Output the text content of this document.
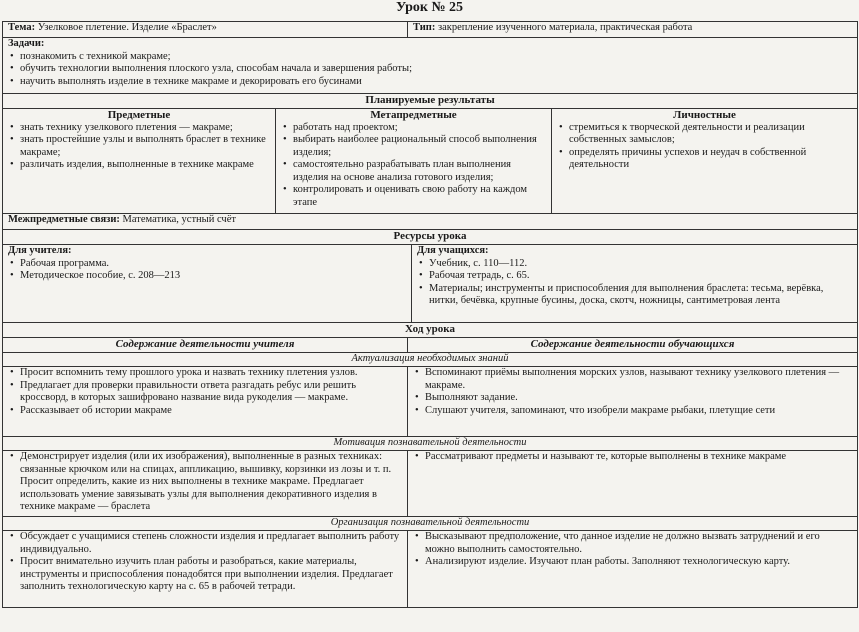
Урок № 25
Тема: Узелковое плетение. Изделие «Браслет»	Тип: закрепление изученного материала, практическая работа
Задачи:
• познакомить с техникой макраме;
• обучить технологии выполнения плоского узла, способам начала и завершения работы;
• научить выполнять изделие в технике макраме и декорировать его бусинами
Планируемые результаты
Предметные
• знать технику узелкового плетения — макраме;
• знать простейшие узлы и выполнять браслет в технике макраме;
• различать изделия, выполненные в технике макраме
Метапредметные
• работать над проектом;
• выбирать наиболее рациональный способ выполнения изделия;
• самостоятельно разрабатывать план выполнения изделия на основе анализа готового изделия;
• контролировать и оценивать свою работу на каждом этапе
Личностные
• стремиться к творческой деятельности и реализации собственных замыслов;
• определять причины успехов и неудач в собственной деятельности
Межпредметные связи: Математика, устный счёт
Ресурсы урока
Для учителя:
• Рабочая программа.
• Методическое пособие, с. 208—213
Для учащихся:
• Учебник, с. 110—112.
• Рабочая тетрадь, с. 65.
• Материалы; инструменты и приспособления для выполнения браслета: тесьма, верёвка, нитки, бечёвка, крупные бусины, доска, скотч, ножницы, сантиметровая лента
Ход урока
Содержание деятельности учителя	Содержание деятельности обучающихся
Актуализация необходимых знаний
• Просит вспомнить тему прошлого урока и назвать технику плетения узлов.
• Предлагает для проверки правильности ответа разгадать ребус или решить кроссворд, в которых зашифровано название вида рукоделия — макраме.
• Рассказывает об истории макраме
• Вспоминают приёмы выполнения морских узлов, называют технику узелкового плетения — макраме.
• Выполняют задание.
• Слушают учителя, запоминают, что изобрели макраме рыбаки, плетущие сети
Мотивация познавательной деятельности
• Демонстрирует изделия (или их изображения), выполненные в разных техниках: связанные крючком или на спицах, аппликацию, вышивку, корзинки из лозы и т. п. Просит определить, какие из них выполнены в технике макраме. Предлагает использовать умение завязывать узлы для выполнения декоративного изделия в технике макраме — браслета
• Рассматривают предметы и называют те, которые выполнены в технике макраме
Организация познавательной деятельности
• Обсуждает с учащимися степень сложности изделия и предлагает выполнить работу индивидуально.
• Просит внимательно изучить план работы и разобраться, какие материалы, инструменты и приспособления понадобятся при выполнении изделия. Предлагает заполнить технологическую карту на с. 65 в рабочей тетради.
• Высказывают предположение, что данное изделие не должно вызвать затруднений и его можно выполнить самостоятельно.
• Анализируют изделие. Изучают план работы. Заполняют технологическую карту.
